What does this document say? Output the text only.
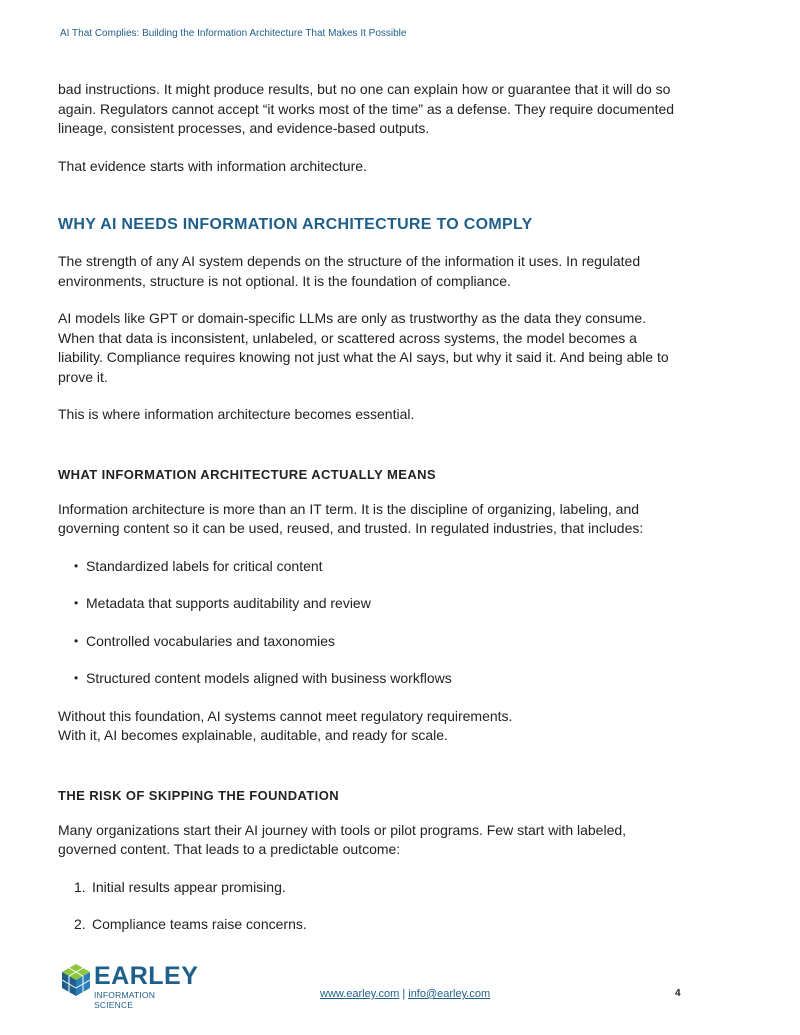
AI That Complies: Building the Information Architecture That Makes It Possible

bad instructions. It might produce results, but no one can explain how or guarantee that it will do so again. Regulators cannot accept “it works most of the time” as a defense. They require documented lineage, consistent processes, and evidence-based outputs.

That evidence starts with information architecture.

WHY AI NEEDS INFORMATION ARCHITECTURE TO COMPLY

The strength of any AI system depends on the structure of the information it uses. In regulated environments, structure is not optional. It is the foundation of compliance.

AI models like GPT or domain-specific LLMs are only as trustworthy as the data they consume. When that data is inconsistent, unlabeled, or scattered across systems, the model becomes a liability. Compliance requires knowing not just what the AI says, but why it said it. And being able to prove it.

This is where information architecture becomes essential.

WHAT INFORMATION ARCHITECTURE ACTUALLY MEANS

Information architecture is more than an IT term. It is the discipline of organizing, labeling, and governing content so it can be used, reused, and trusted. In regulated industries, that includes:

• Standardized labels for critical content
• Metadata that supports auditability and review
• Controlled vocabularies and taxonomies
• Structured content models aligned with business workflows

Without this foundation, AI systems cannot meet regulatory requirements.

With it, AI becomes explainable, auditable, and ready for scale.

THE RISK OF SKIPPING THE FOUNDATION

Many organizations start their AI journey with tools or pilot programs. Few start with labeled, governed content. That leads to a predictable outcome:

1. Initial results appear promising.
2. Compliance teams raise concerns.
EARLEY
INFORMATION SCIENCE
www.earley.com | info@earley.com	4
